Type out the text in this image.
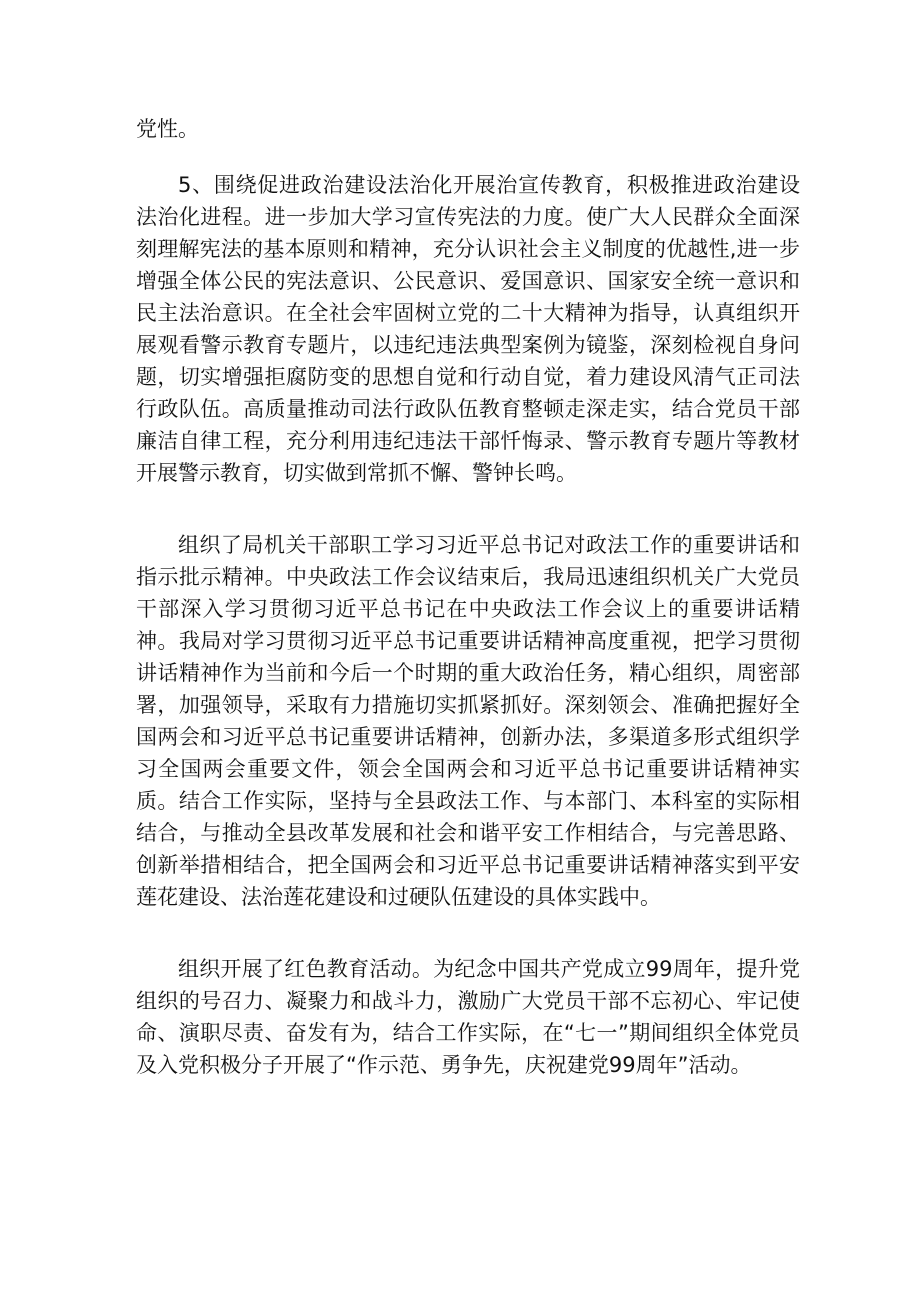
党性。

5、围绕促进政治建设法治化开展治宣传教育，积极推进政治建设法治化进程。进一步加大学习宣传宪法的力度。使广大人民群众全面深刻理解宪法的基本原则和精神，充分认识社会主义制度的优越性,进一步增强全体公民的宪法意识、公民意识、爱国意识、国家安全统一意识和民主法治意识。在全社会牢固树立党的二十大精神为指导，认真组织开展观看警示教育专题片，以违纪违法典型案例为镜鉴，深刻检视自身问题，切实增强拒腐防变的思想自觉和行动自觉，着力建设风清气正司法行政队伍。高质量推动司法行政队伍教育整顿走深走实，结合党员干部廉洁自律工程，充分利用违纪违法干部忏悔录、警示教育专题片等教材开展警示教育，切实做到常抓不懈、警钟长鸣。

组织了局机关干部职工学习习近平总书记对政法工作的重要讲话和指示批示精神。中央政法工作会议结束后，我局迅速组织机关广大党员干部深入学习贯彻习近平总书记在中央政法工作会议上的重要讲话精神。我局对学习贯彻习近平总书记重要讲话精神高度重视，把学习贯彻讲话精神作为当前和今后一个时期的重大政治任务，精心组织，周密部署，加强领导，采取有力措施切实抓紧抓好。深刻领会、准确把握好全国两会和习近平总书记重要讲话精神，创新办法，多渠道多形式组织学习全国两会重要文件，领会全国两会和习近平总书记重要讲话精神实质。结合工作实际，坚持与全县政法工作、与本部门、本科室的实际相结合，与推动全县改革发展和社会和谐平安工作相结合，与完善思路、创新举措相结合，把全国两会和习近平总书记重要讲话精神落实到平安莲花建设、法治莲花建设和过硬队伍建设的具体实践中。

组织开展了红色教育活动。为纪念中国共产党成立99周年，提升党组织的号召力、凝聚力和战斗力，激励广大党员干部不忘初心、牢记使命、演职尽责、奋发有为，结合工作实际，在“七一”期间组织全体党员及入党积极分子开展了“作示范、勇争先，庆祝建党99周年”活动。
